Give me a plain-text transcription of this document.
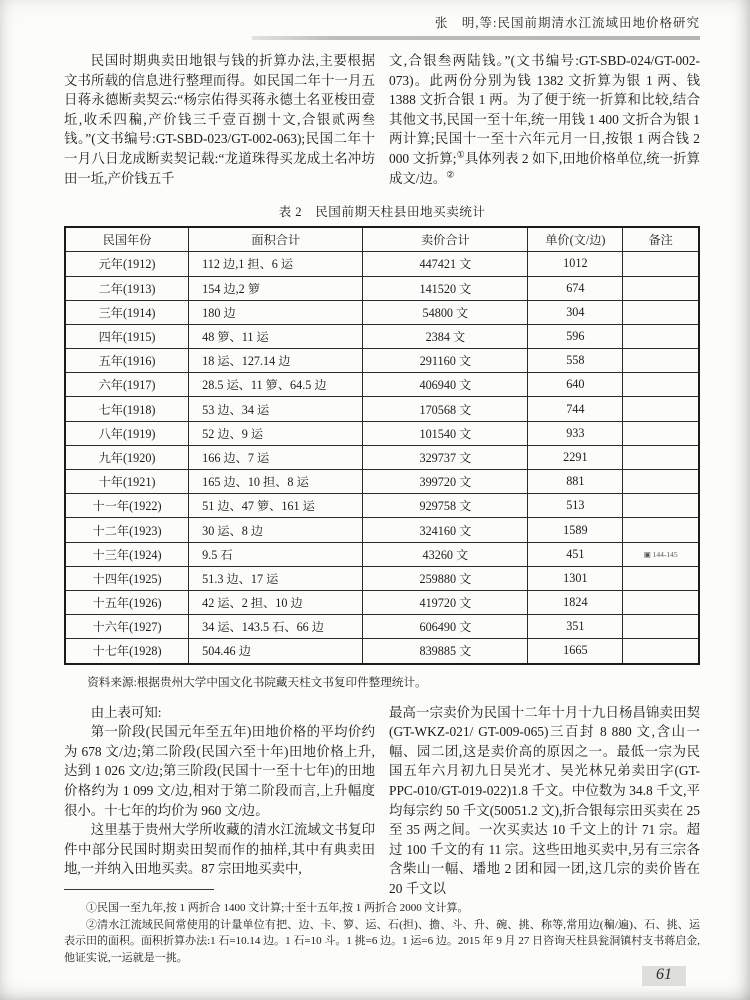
张　明,等:民国前期清水江流域田地价格研究

民国时期典卖田地银与钱的折算办法,主要根据文书所载的信息进行整理而得。如民国二年十一月五日蒋永德断卖契云:“杨宗佑得买蒋永德土名亚梭田壹坵,收禾四稨,产价钱三千壹百捌十文,合银贰两叁钱。”(文书编号:GT-SBD-023/GT-002-063);民国二年十一月八日龙成断卖契记载:“龙道珠得买龙成土名冲坊田一坵,产价钱五千

文,合银叁两陆钱。”(文书编号:GT-SBD-024/GT-002-073)。此两份分别为钱 1382 文折算为银 1 两、钱 1388 文折合银 1 两。为了便于统一折算和比较,结合其他文书,民国一至十年,统一用钱 1 400 文折合为银 1 两计算;民国十一至十六年元月一日,按银 1 两合钱 2 000 文折算;①具体列表 2 如下,田地价格单位,统一折算成文/边。②

表 2　民国前期天柱县田地买卖统计
民国年份	面积合计	卖价合计	单价(文/边)	备注
元年(1912)	112 边,1 担、6 运	447421 文	1012	
二年(1913)	154 边,2 箩	141520 文	674	
三年(1914)	180 边	54800 文	304	
四年(1915)	48 箩、11 运	2384 文	596	
五年(1916)	18 运、127.14 边	291160 文	558	
六年(1917)	28.5 运、11 箩、64.5 边	406940 文	640	
七年(1918)	53 边、34 运	170568 文	744	
八年(1919)	52 边、9 运	101540 文	933	
九年(1920)	166 边、7 运	329737 文	2291	
十年(1921)	165 边、10 担、8 运	399720 文	881	
十一年(1922)	51 边、47 箩、161 运	929758 文	513	
十二年(1923)	30 运、8 边	324160 文	1589	
十三年(1924)	9.5 石	43260 文	451	▣ 144-145
十四年(1925)	51.3 边、17 运	259880 文	1301	
十五年(1926)	42 运、2 担、10 边	419720 文	1824	
十六年(1927)	34 运、143.5 石、66 边	606490 文	351	
十七年(1928)	504.46 边	839885 文	1665	
资料来源:根据贵州大学中国文化书院藏天柱文书复印件整理统计。

由上表可知:

第一阶段(民国元年至五年)田地价格的平均价约为 678 文/边;第二阶段(民国六至十年)田地价格上升,达到 1 026 文/边;第三阶段(民国十一至十七年)的田地价格约为 1 099 文/边,相对于第二阶段而言,上升幅度很小。十七年的均价为 960 文/边。

这里基于贵州大学所收藏的清水江流域文书复印件中部分民国时期卖田契而作的抽样,其中有典卖田地,一并纳入田地买卖。87 宗田地买卖中,

最高一宗卖价为民国十二年十月十九日杨昌锦卖田契(GT-WKZ-021/ GT-009-065)三百封 8 880 文,含山一幅、园二团,这是卖价高的原因之一。最低一宗为民国五年六月初九日吴光才、吴光林兄弟卖田字(GT-PPC-010/GT-019-022)1.8 千文。中位数为 34.8 千文,平均每宗约 50 千文(50051.2 文),折合银每宗田买卖在 25 至 35 两之间。一次买卖达 10 千文上的计 71 宗。超过 100 千文的有 11 宗。这些田地买卖中,另有三宗各含柴山一幅、墦地 2 团和园一团,这几宗的卖价皆在 20 千文以

①民国一至九年,按 1 两折合 1400 文计算;十至十五年,按 1 两折合 2000 文计算。

②清水江流域民间常使用的计量单位有把、边、卡、箩、运、石(担)、擔、斗、升、碗、挑、称等,常用边(稨/遍)、石、挑、运表示田的面积。面积折算办法:1 石=10.14 边。1 石=10 斗。1 挑=6 边。1 运=6 边。2015 年 9 月 27 日咨询天柱县瓮洞镇村支书蒋启金,他证实说,一运就是一挑。

61
